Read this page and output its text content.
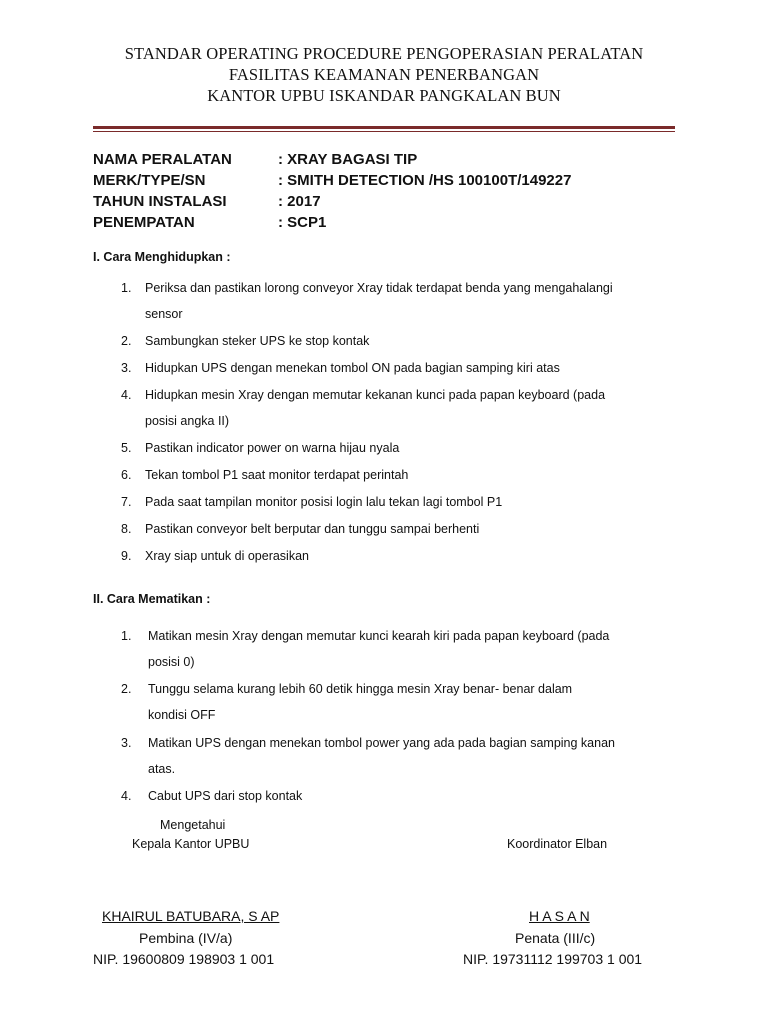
STANDAR OPERATING PROCEDURE PENGOPERASIAN PERALATAN
FASILITAS KEAMANAN PENERBANGAN
KANTOR UPBU ISKANDAR PANGKALAN BUN
NAMA PERALATAN	: XRAY BAGASI TIP
MERK/TYPE/SN	: SMITH DETECTION /HS 100100T/149227
TAHUN INSTALASI	: 2017
PENEMPATAN	: SCP1
I. Cara Menghidupkan :
1. Periksa dan pastikan lorong conveyor Xray tidak terdapat benda yang mengahalangi
sensor
2. Sambungkan steker UPS ke stop kontak
3. Hidupkan UPS dengan menekan tombol ON pada bagian samping kiri atas
4. Hidupkan mesin Xray dengan memutar kekanan kunci pada papan keyboard (pada
posisi angka II)
5. Pastikan indicator power on warna hijau nyala
6. Tekan tombol P1 saat monitor terdapat perintah
7. Pada saat tampilan monitor posisi login lalu tekan lagi tombol P1
8. Pastikan conveyor belt berputar dan tunggu sampai berhenti
9. Xray siap untuk di operasikan
II. Cara Mematikan :
1. Matikan mesin Xray dengan memutar kunci kearah kiri pada papan keyboard (pada
posisi 0)
2. Tunggu selama kurang lebih 60 detik hingga mesin Xray benar- benar dalam
kondisi OFF
3. Matikan UPS dengan menekan tombol power yang ada pada bagian samping kanan
atas.
4. Cabut UPS dari stop kontak
Mengetahui
Kepala Kantor UPBU	Koordinator Elban
KHAIRUL BATUBARA, S AP
Pembina (IV/a)
NIP. 19600809 198903 1 001
H A S A N
Penata (III/c)
NIP. 19731112 199703 1 001
